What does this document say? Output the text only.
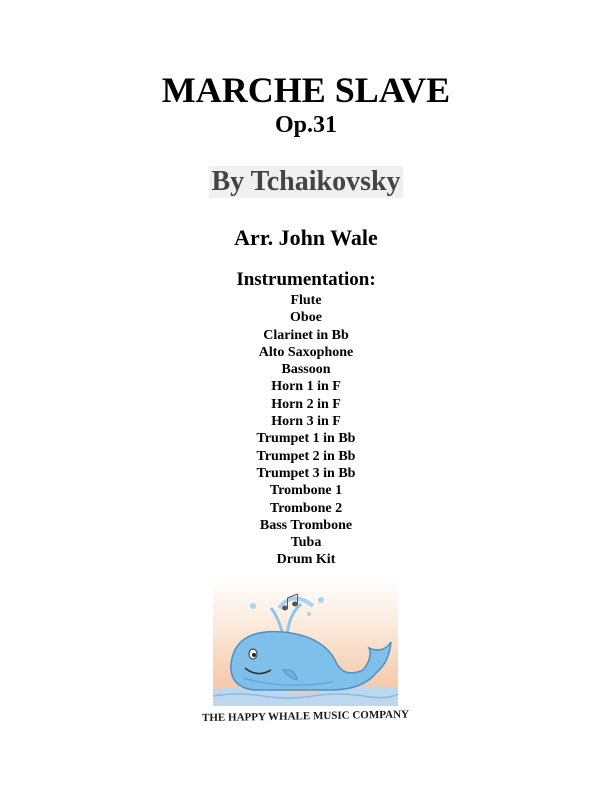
MARCHE SLAVE
Op.31
By Tchaikovsky
Arr. John Wale
Instrumentation:
Flute
Oboe
Clarinet in Bb
Alto Saxophone
Bassoon
Horn 1 in F
Horn 2 in F
Horn 3 in F
Trumpet 1 in Bb
Trumpet 2 in Bb
Trumpet 3 in Bb
Trombone 1
Trombone 2
Bass Trombone
Tuba
Drum Kit
THE HAPPY WHALE MUSIC COMPANY
